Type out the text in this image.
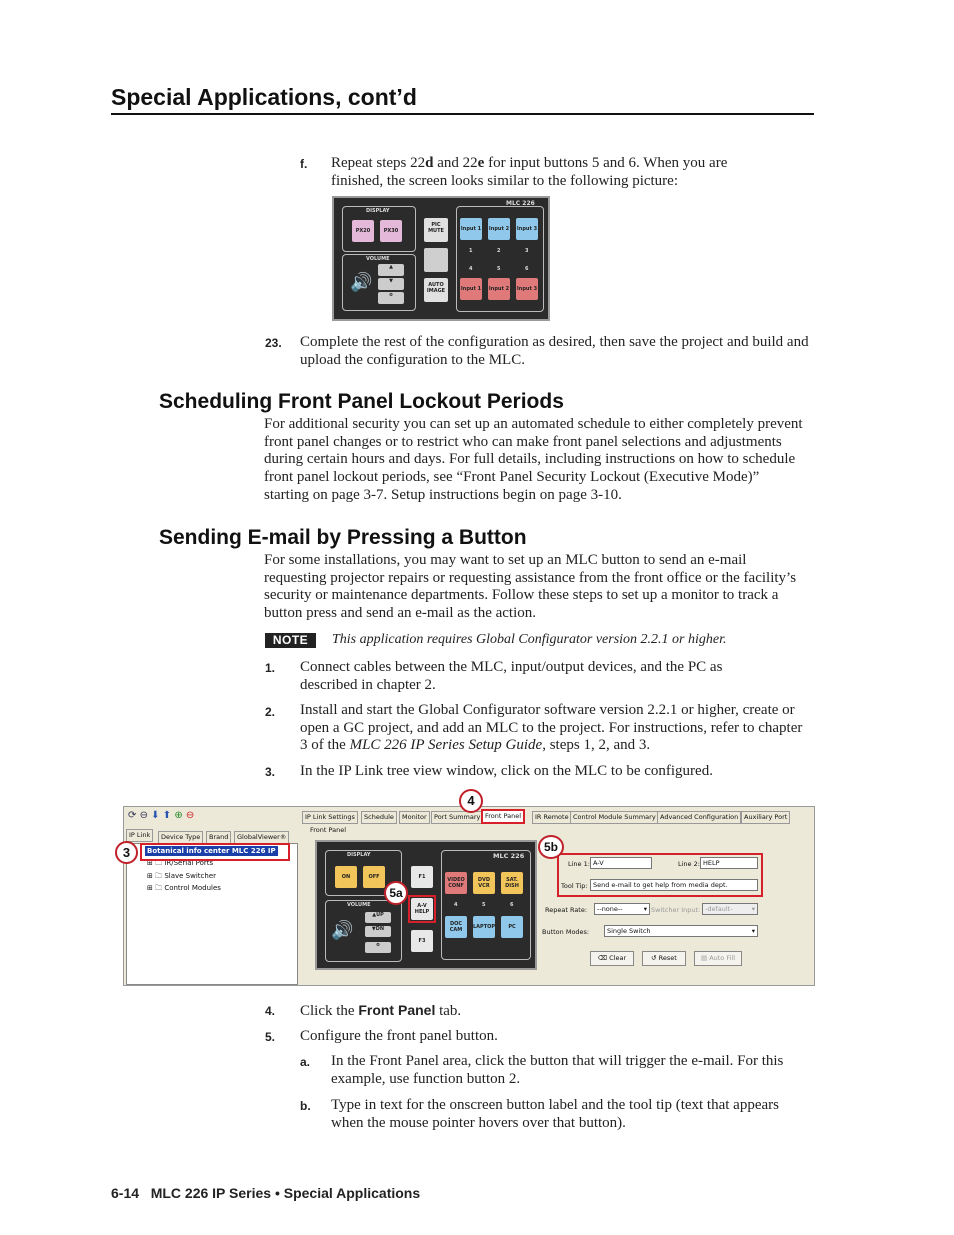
Special Applications, cont’d
f. Repeat steps 22d and 22e for input buttons 5 and 6. When you are finished, the screen looks similar to the following picture:
DISPLAY
PX20	PX30
VOLUME
🔊
▲
▼
⦸
PIC MUTE
AUTO IMAGE
MLC 226
Input 1 Input 2 Input 3
1	2	3
4	5	6
Input 1 Input 2 Input 3
23. Complete the rest of the configuration as desired, then save the project and build and upload the configuration to the MLC.
Scheduling Front Panel Lockout Periods
For additional security you can set up an automated schedule to either completely prevent front panel changes or to restrict who can make front panel selections and adjustments during certain hours and days. For full details, including instructions on how to schedule front panel lockout periods, see “Front Panel Security Lockout (Executive Mode)” starting on page 3-7. Setup instructions begin on page 3-10.
Sending E-mail by Pressing a Button
For some installations, you may want to set up an MLC button to send an e-mail requesting projector repairs or requesting assistance from the front office or the facility’s security or maintenance departments. Follow these steps to set up a monitor to track a button press and send an e-mail as the action.
NOTE	This application requires Global Configurator version 2.2.1 or higher.
1. Connect cables between the MLC, input/output devices, and the PC as described in chapter 2.
2. Install and start the Global Configurator software version 2.2.1 or higher, create or open a GC project, and add an MLC to the project. For instructions, refer to chapter 3 of the MLC 226 IP Series Setup Guide, steps 1, 2, and 3.
3. In the IP Link tree view window, click on the MLC to be configured.
⟳ ⊖ ⬇ ⬆ ⊕ ⊖
IP Link	Device Type	Brand	GlobalViewer®
Botanical info center MLC 226 IP
⊞ 🗀 IR/Serial Ports
⊞ 🗀 Slave Switcher
⊞ 🗀 Control Modules
IP Link Settings	Schedule	Monitor	Port Summary Front Panel	IR Remote Control Module Summary Advanced Configuration Auxiliary Port
Front Panel
DISPLAY
ON	OFF
VOLUME
🔊
▲UP
▼DN
⦸
F1
A-V HELP
F3
MLC 226
VIDEO CONF
DVD VCR
SAT. DISH
4	5	6
DOC CAM	LAPTOP	PC
Line 1: A-V	Line 2: HELP
Tool Tip: Send e-mail to get help from media dept.
Repeat Rate:	--none--	▾ Switcher Input: -default-	▾
Button Modes:	Single Switch	▾
⌫ Clear	↺ Reset	▤ Auto Fill
3
4
5a
5b
4. Click the Front Panel tab.
5. Configure the front panel button.
a. In the Front Panel area, click the button that will trigger the e-mail. For this example, use function button 2.
b. Type in text for the onscreen button label and the tool tip (text that appears when the mouse pointer hovers over that button).
6-14 MLC 226 IP Series • Special Applications
